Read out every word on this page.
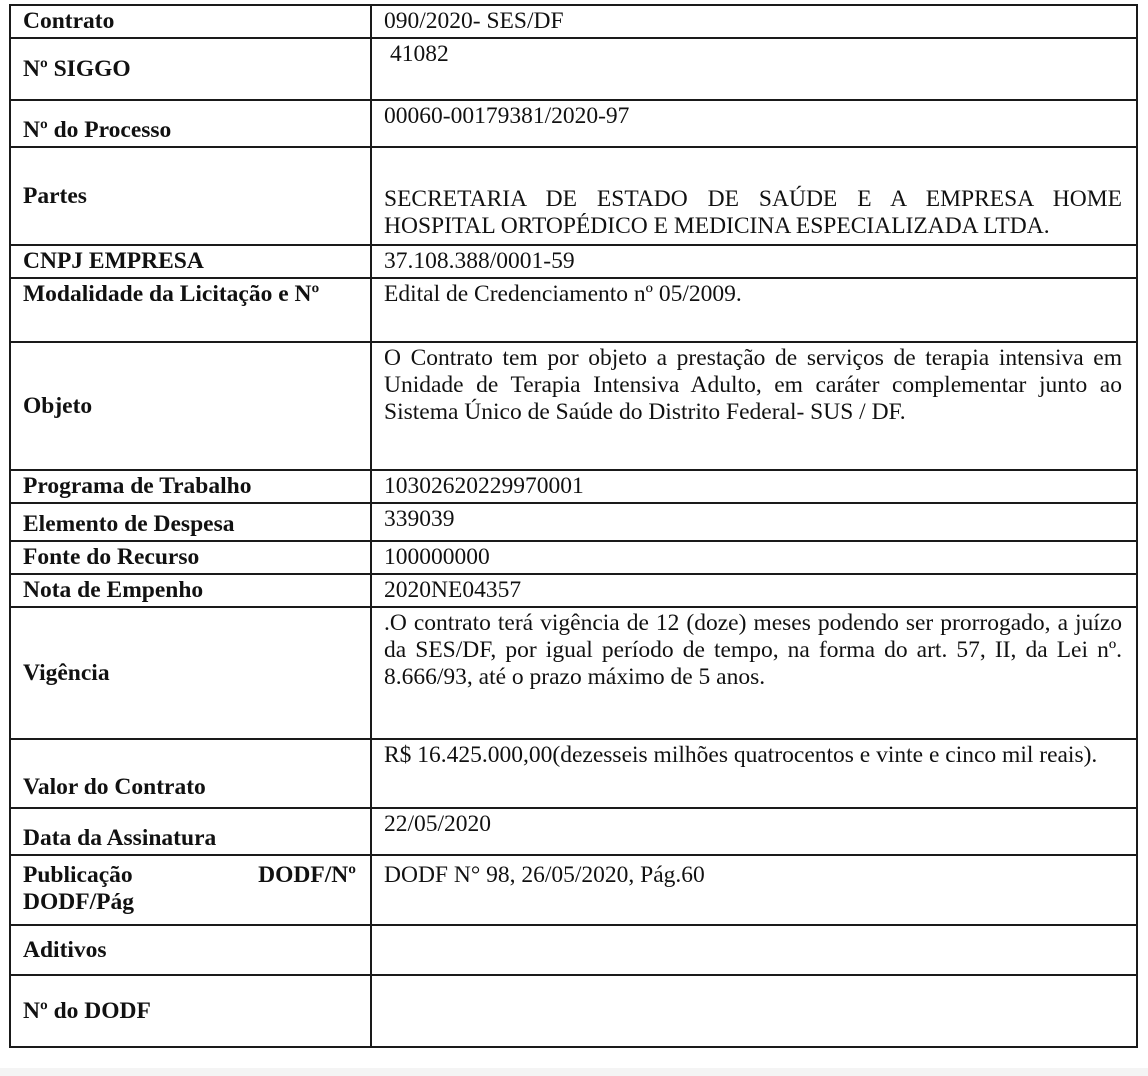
Contrato	090/2020- SES/DF
Nº SIGGO	41082
Nº do Processo	00060-00179381/2020-97
Partes	SECRETARIA DE ESTADO DE SAÚDE E A EMPRESA HOME HOSPITAL ORTOPÉDICO E MEDICINA ESPECIALIZADA LTDA.
CNPJ EMPRESA	37.108.388/0001-59
Modalidade da Licitação e Nº	Edital de Credenciamento nº 05/2009.
Objeto	O Contrato tem por objeto a prestação de serviços de terapia intensiva em Unidade de Terapia Intensiva Adulto, em caráter complementar junto ao Sistema Único de Saúde do Distrito Federal- SUS / DF.
Programa de Trabalho	10302620229970001
Elemento de Despesa	339039
Fonte do Recurso	100000000
Nota de Empenho	2020NE04357
Vigência	.O contrato terá vigência de 12 (doze) meses podendo ser prorrogado, a juízo da SES/DF, por igual período de tempo, na forma do art. 57, II, da Lei nº. 8.666/93, até o prazo máximo de 5 anos.
Valor do Contrato	R$ 16.425.000,00(dezesseis milhões quatrocentos e vinte e cinco mil reais).
Data da Assinatura	22/05/2020

Publicação DODF/Nº
DODF/Pág	DODF N° 98, 26/05/2020, Pág.60
Aditivos	
Nº do DODF	
